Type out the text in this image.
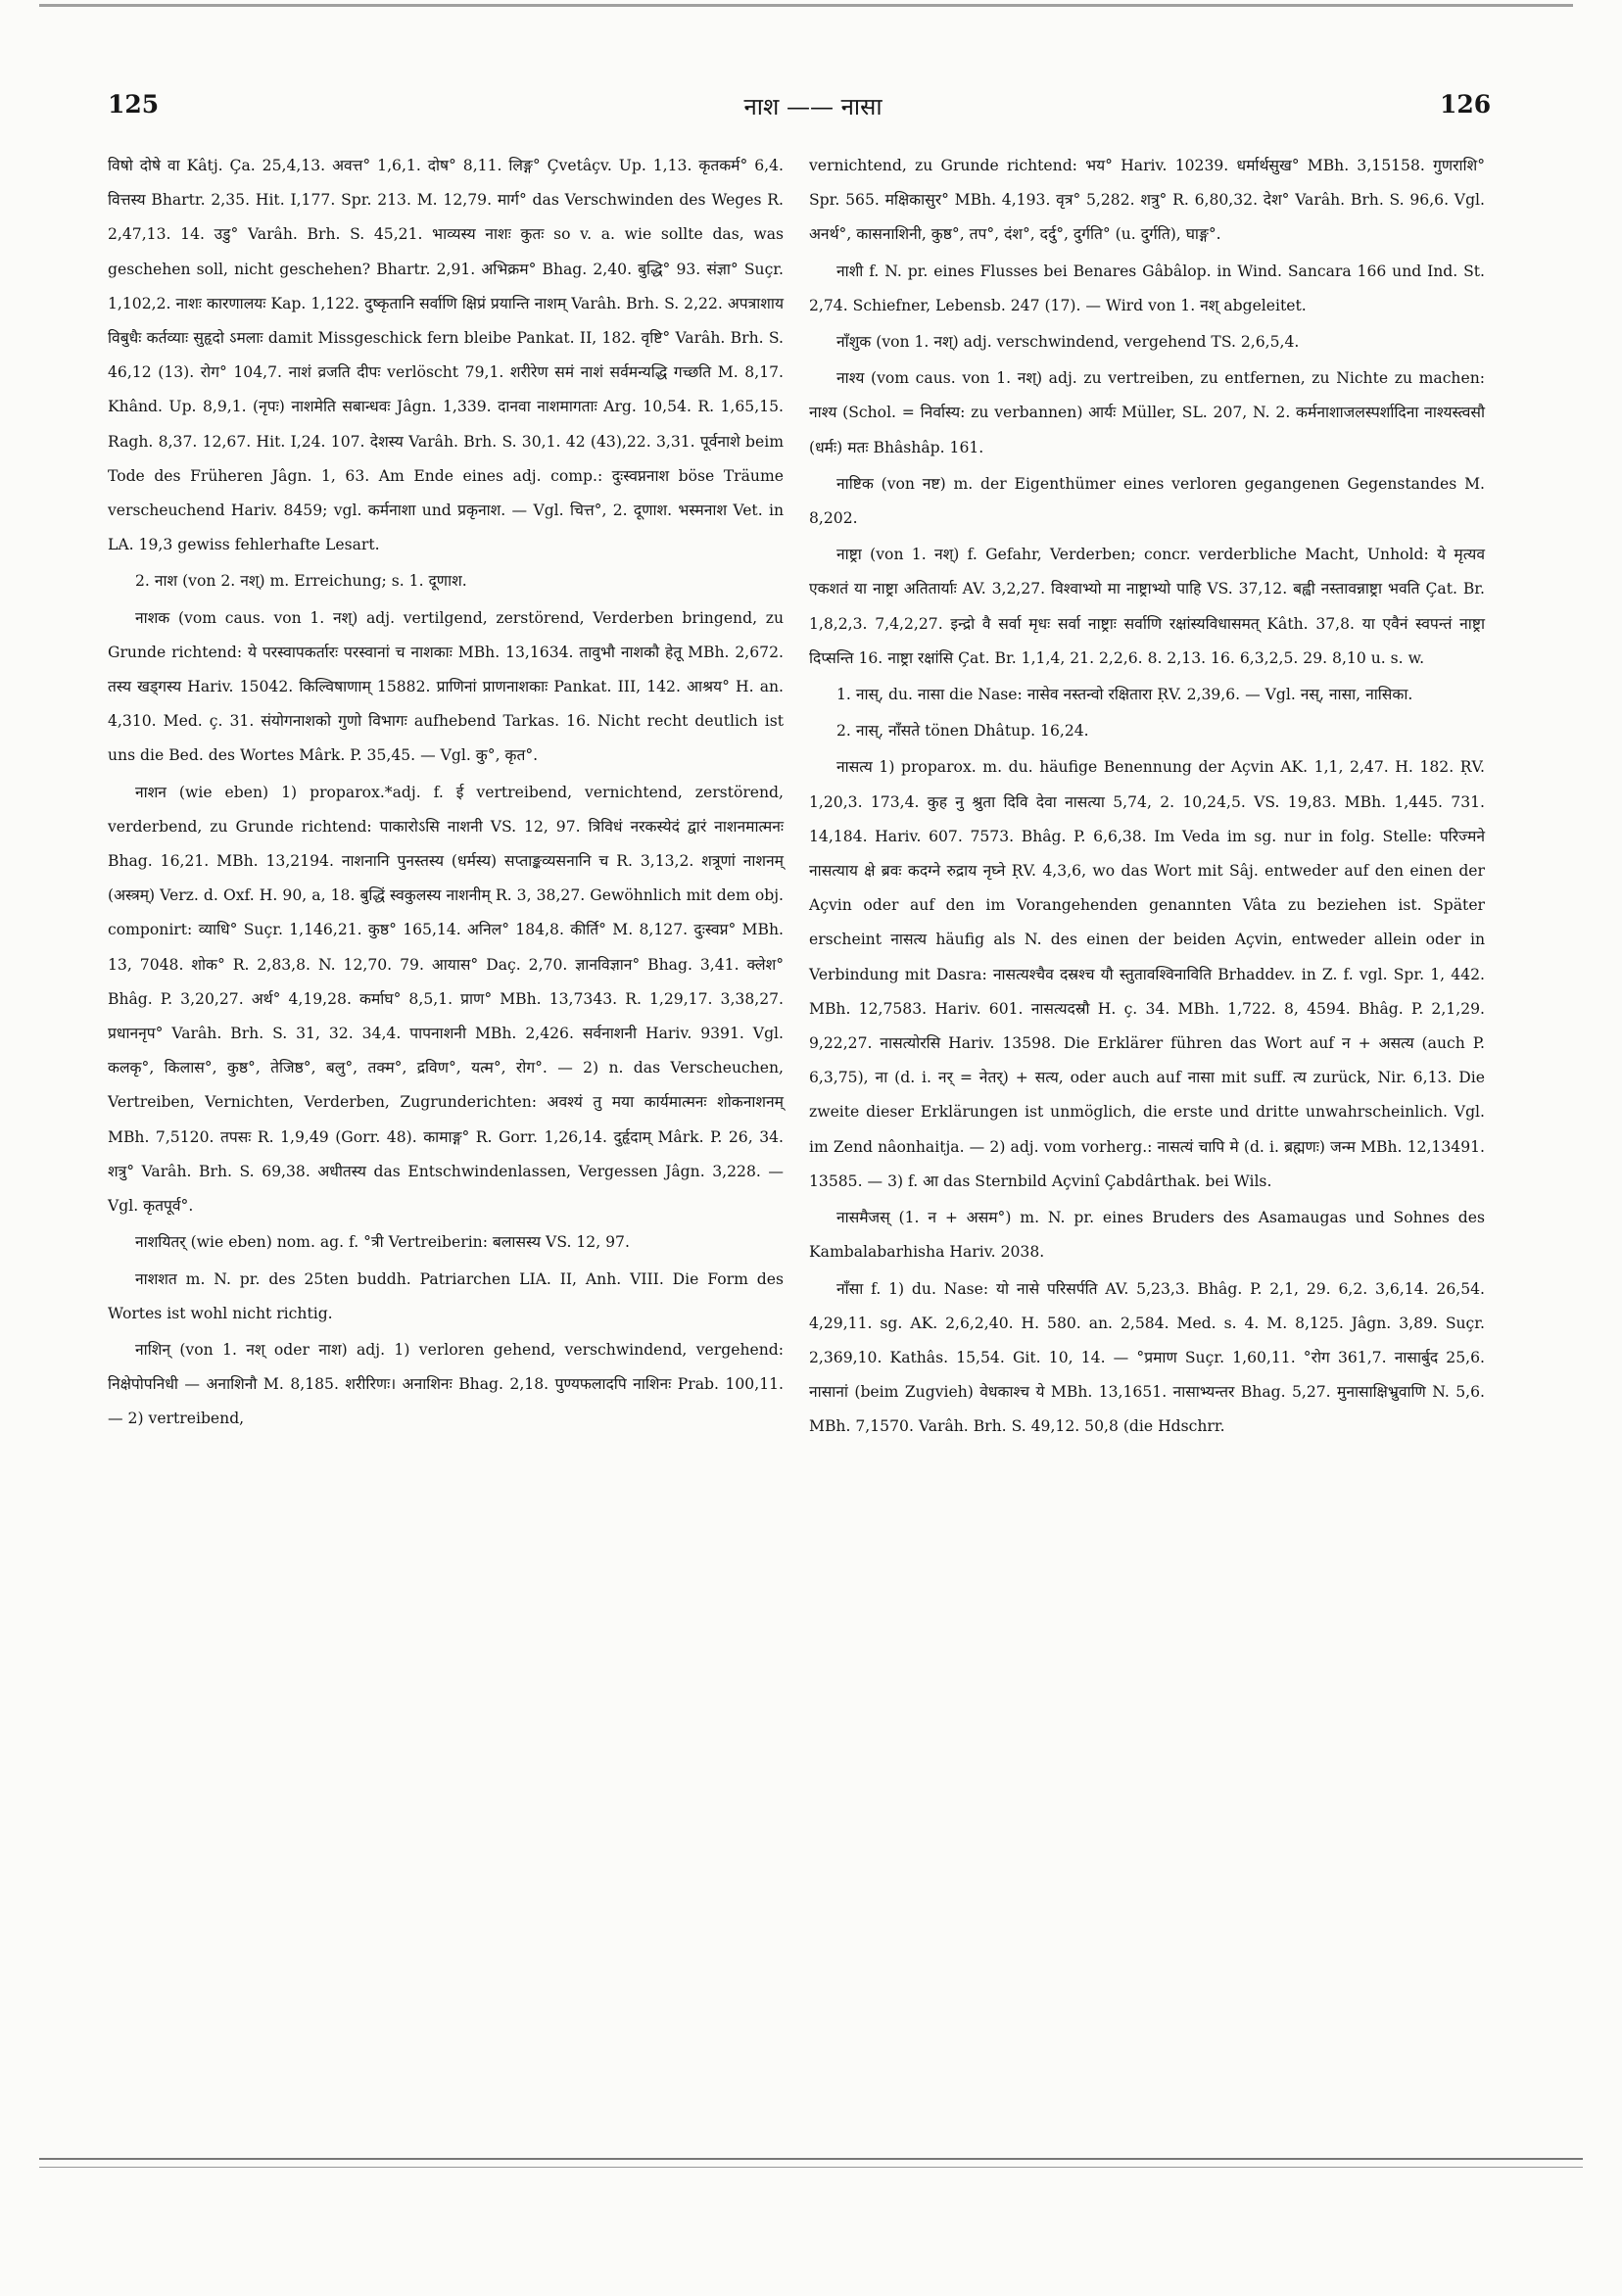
125	नाश —— नासा	126

विषो दोषे वा Kâtj. Ça. 25,4,13. अवत्त° 1,6,1. दोष° 8,11. लिङ्ग° Çvetâçv. Up. 1,13. कृतकर्म° 6,4. वित्तस्य Bhartr. 2,35. Hit. I,177. Spr. 213. M. 12,79. मार्ग° das Verschwinden des Weges R. 2,47,13. 14. उडु° Varâh. Brh. S. 45,21. भाव्यस्य नाशः कुतः so v. a. wie sollte das, was geschehen soll, nicht geschehen? Bhartr. 2,91. अभिक्रम° Bhag. 2,40. बुद्धि° 93. संज्ञा° Suçr. 1,102,2. नाशः कारणालयः Kap. 1,122. दुष्कृतानि सर्वाणि क्षिप्रं प्रयान्ति नाशम् Varâh. Brh. S. 2,22. अपत्राशाय विबुधैः कर्तव्याः सुहृदो ऽमलाः damit Missgeschick fern bleibe Pankat. II, 182. वृष्टि° Varâh. Brh. S. 46,12 (13). रोग° 104,7. नाशं व्रजति दीपः verlöscht 79,1. शरीरेण समं नाशं सर्वमन्यद्धि गच्छति M. 8,17. Khând. Up. 8,9,1. (नृपः) नाशमेति सबान्धवः Jâgn. 1,339. दानवा नाशमागताः Arg. 10,54. R. 1,65,15. Ragh. 8,37. 12,67. Hit. I,24. 107. देशस्य Varâh. Brh. S. 30,1. 42 (43),22. 3,31. पूर्वनाशे beim Tode des Früheren Jâgn. 1, 63. Am Ende eines adj. comp.: दुःस्वप्ननाश böse Träume verscheuchend Hariv. 8459; vgl. कर्मनाशा und प्रकृनाश. — Vgl. चित्त°, 2. दूणाश. भस्मनाश Vet. in LA. 19,3 gewiss fehlerhafte Lesart.

2. नाश (von 2. नश्) m. Erreichung; s. 1. दूणाश.

नाशक (vom caus. von 1. नश्) adj. vertilgend, zerstörend, Verderben bringend, zu Grunde richtend: ये परस्वापकर्तारः परस्वानां च नाशकाः MBh. 13,1634. तावुभौ नाशकौ हेतू MBh. 2,672. तस्य खड्गस्य Hariv. 15042. किल्विषाणाम् 15882. प्राणिनां प्राणनाशकाः Pankat. III, 142. आश्रय° H. an. 4,310. Med. ç. 31. संयोगनाशको गुणो विभागः aufhebend Tarkas. 16. Nicht recht deutlich ist uns die Bed. des Wortes Mârk. P. 35,45. — Vgl. कु°, कृत°.

नाशन (wie eben) 1) proparox.*adj. f. ई vertreibend, vernichtend, zerstörend, verderbend, zu Grunde richtend: पाकारोऽसि नाशनी VS. 12, 97. त्रिविधं नरकस्येदं द्वारं नाशनमात्मनः Bhag. 16,21. MBh. 13,2194. नाशनानि पुनस्तस्य (धर्मस्य) सप्ताङ्कव्यसनानि च R. 3,13,2. शत्रूणां नाशनम् (अस्त्रम्) Verz. d. Oxf. H. 90, a, 18. बुद्धिं स्वकुलस्य नाशनीम् R. 3, 38,27. Gewöhnlich mit dem obj. componirt: व्याधि° Suçr. 1,146,21. कुष्ठ° 165,14. अनिल° 184,8. कीर्ति° M. 8,127. दुःस्वप्न° MBh. 13, 7048. शोक° R. 2,83,8. N. 12,70. 79. आयास° Daç. 2,70. ज्ञानविज्ञान° Bhag. 3,41. क्लेश° Bhâg. P. 3,20,27. अर्थ° 4,19,28. कर्माघ° 8,5,1. प्राण° MBh. 13,7343. R. 1,29,17. 3,38,27. प्रधाननृप° Varâh. Brh. S. 31, 32. 34,4. पापनाशनी MBh. 2,426. सर्वनाशनी Hariv. 9391. Vgl. कलकृ°, किलास°, कुष्ठ°, तेजिष्ठ°, बलु°, तक्म°, द्रविण°, यत्म°, रोग°. — 2) n. das Verscheuchen, Vertreiben, Vernichten, Verderben, Zugrunderichten: अवश्यं तु मया कार्यमात्मनः शोकनाशनम् MBh. 7,5120. तपसः R. 1,9,49 (Gorr. 48). कामाङ्ग° R. Gorr. 1,26,14. दुर्हृदाम् Mârk. P. 26, 34. शत्रु° Varâh. Brh. S. 69,38. अधीतस्य das Entschwindenlassen, Vergessen Jâgn. 3,228. — Vgl. कृतपूर्व°.

नाशयितर् (wie eben) nom. ag. f. °त्री Vertreiberin: बलासस्य VS. 12, 97.

नाशशत m. N. pr. des 25ten buddh. Patriarchen LIA. II, Anh. VIII. Die Form des Wortes ist wohl nicht richtig.

नाशिन् (von 1. नश् oder नाश) adj. 1) verloren gehend, verschwindend, vergehend: निक्षेपोपनिधी — अनाशिनौ M. 8,185. शरीरिणः। अनाशिनः Bhag. 2,18. पुण्यफलादपि नाशिनः Prab. 100,11. — 2) vertreibend,

vernichtend, zu Grunde richtend: भय° Hariv. 10239. धर्मार्थसुख° MBh. 3,15158. गुणराशि° Spr. 565. मक्षिकासुर° MBh. 4,193. वृत्र° 5,282. शत्रु° R. 6,80,32. देश° Varâh. Brh. S. 96,6. Vgl. अनर्थ°, कासनाशिनी, कुष्ठ°, तप°, दंश°, दर्दु°, दुर्गति° (u. दुर्गति), घाङ्ग°.

नाशी f. N. pr. eines Flusses bei Benares Gâbâlop. in Wind. Sancara 166 und Ind. St. 2,74. Schiefner, Lebensb. 247 (17). — Wird von 1. नश् abgeleitet.

नाँशुक (von 1. नश्) adj. verschwindend, vergehend TS. 2,6,5,4.

नाश्य (vom caus. von 1. नश्) adj. zu vertreiben, zu entfernen, zu Nichte zu machen: नाश्य (Schol. = निर्वास्य: zu verbannen) आर्यः Müller, SL. 207, N. 2. कर्मनाशाजलस्पर्शादिना नाश्यस्त्वसौ (धर्मः) मतः Bhâshâp. 161.

नाष्टिक (von नष्ट) m. der Eigenthümer eines verloren gegangenen Gegenstandes M. 8,202.

नाष्ट्रा (von 1. नश्) f. Gefahr, Verderben; concr. verderbliche Macht, Unhold: ये मृत्यव एकशतं या नाष्ट्रा अतितार्याः AV. 3,2,27. विश्वाभ्यो मा नाष्ट्राभ्यो पाहि VS. 37,12. बह्वी नस्तावन्नाष्ट्रा भवति Çat. Br. 1,8,2,3. 7,4,2,27. इन्द्रो वै सर्वा मृधः सर्वा नाष्ट्राः सर्वाणि रक्षांस्यविधासमत् Kâth. 37,8. या एवैनं स्वपन्तं नाष्ट्रा दिप्सन्ति 16. नाष्ट्रा रक्षांसि Çat. Br. 1,1,4, 21. 2,2,6. 8. 2,13. 16. 6,3,2,5. 29. 8,10 u. s. w.

1. नास्, du. नासा die Nase: नासेव नस्तन्वो रक्षितारा ṚV. 2,39,6. — Vgl. नस्, नासा, नासिका.

2. नास्, नाँसते tönen Dhâtup. 16,24.

नासत्य 1) proparox. m. du. häufige Benennung der Açvin AK. 1,1, 2,47. H. 182. ṚV. 1,20,3. 173,4. कुह नु श्रुता दिवि देवा नासत्या 5,74, 2. 10,24,5. VS. 19,83. MBh. 1,445. 731. 14,184. Hariv. 607. 7573. Bhâg. P. 6,6,38. Im Veda im sg. nur in folg. Stelle: परिज्मने नासत्याय क्षे ब्रवः कदग्ने रुद्राय नृघ्ने ṚV. 4,3,6, wo das Wort mit Sâj. entweder auf den einen der Açvin oder auf den im Vorangehenden genannten Vâta zu beziehen ist. Später erscheint नासत्य häufig als N. des einen der beiden Açvin, entweder allein oder in Verbindung mit Dasra: नासत्यश्चैव दस्रश्च यौ स्तुतावश्विनाविति Brhaddev. in Z. f. vgl. Spr. 1, 442. MBh. 12,7583. Hariv. 601. नासत्यदस्रौ H. ç. 34. MBh. 1,722. 8, 4594. Bhâg. P. 2,1,29. 9,22,27. नासत्योरसि Hariv. 13598. Die Erklärer führen das Wort auf न + असत्य (auch P. 6,3,75), ना (d. i. नर् = नेतर्) + सत्य, oder auch auf नासा mit suff. त्य zurück, Nir. 6,13. Die zweite dieser Erklärungen ist unmöglich, die erste und dritte unwahrscheinlich. Vgl. im Zend nâonhaitja. — 2) adj. vom vorherg.: नासत्यं चापि मे (d. i. ब्रह्मणः) जन्म MBh. 12,13491. 13585. — 3) f. आ das Sternbild Açvinî Çabdârthak. bei Wils.

नासमैजस् (1. न + असम°) m. N. pr. eines Bruders des Asamaugas und Sohnes des Kambalabarhisha Hariv. 2038.

नाँसा f. 1) du. Nase: यो नासे परिसर्पति AV. 5,23,3. Bhâg. P. 2,1, 29. 6,2. 3,6,14. 26,54. 4,29,11. sg. AK. 2,6,2,40. H. 580. an. 2,584. Med. s. 4. M. 8,125. Jâgn. 3,89. Suçr. 2,369,10. Kathâs. 15,54. Git. 10, 14. — °प्रमाण Suçr. 1,60,11. °रोग 361,7. नासार्बुद 25,6. नासानां (beim Zugvieh) वेधकाश्च ये MBh. 13,1651. नासाभ्यन्तर Bhag. 5,27. मुनासाक्षिभ्रुवाणि N. 5,6. MBh. 7,1570. Varâh. Brh. S. 49,12. 50,8 (die Hdschrr.
